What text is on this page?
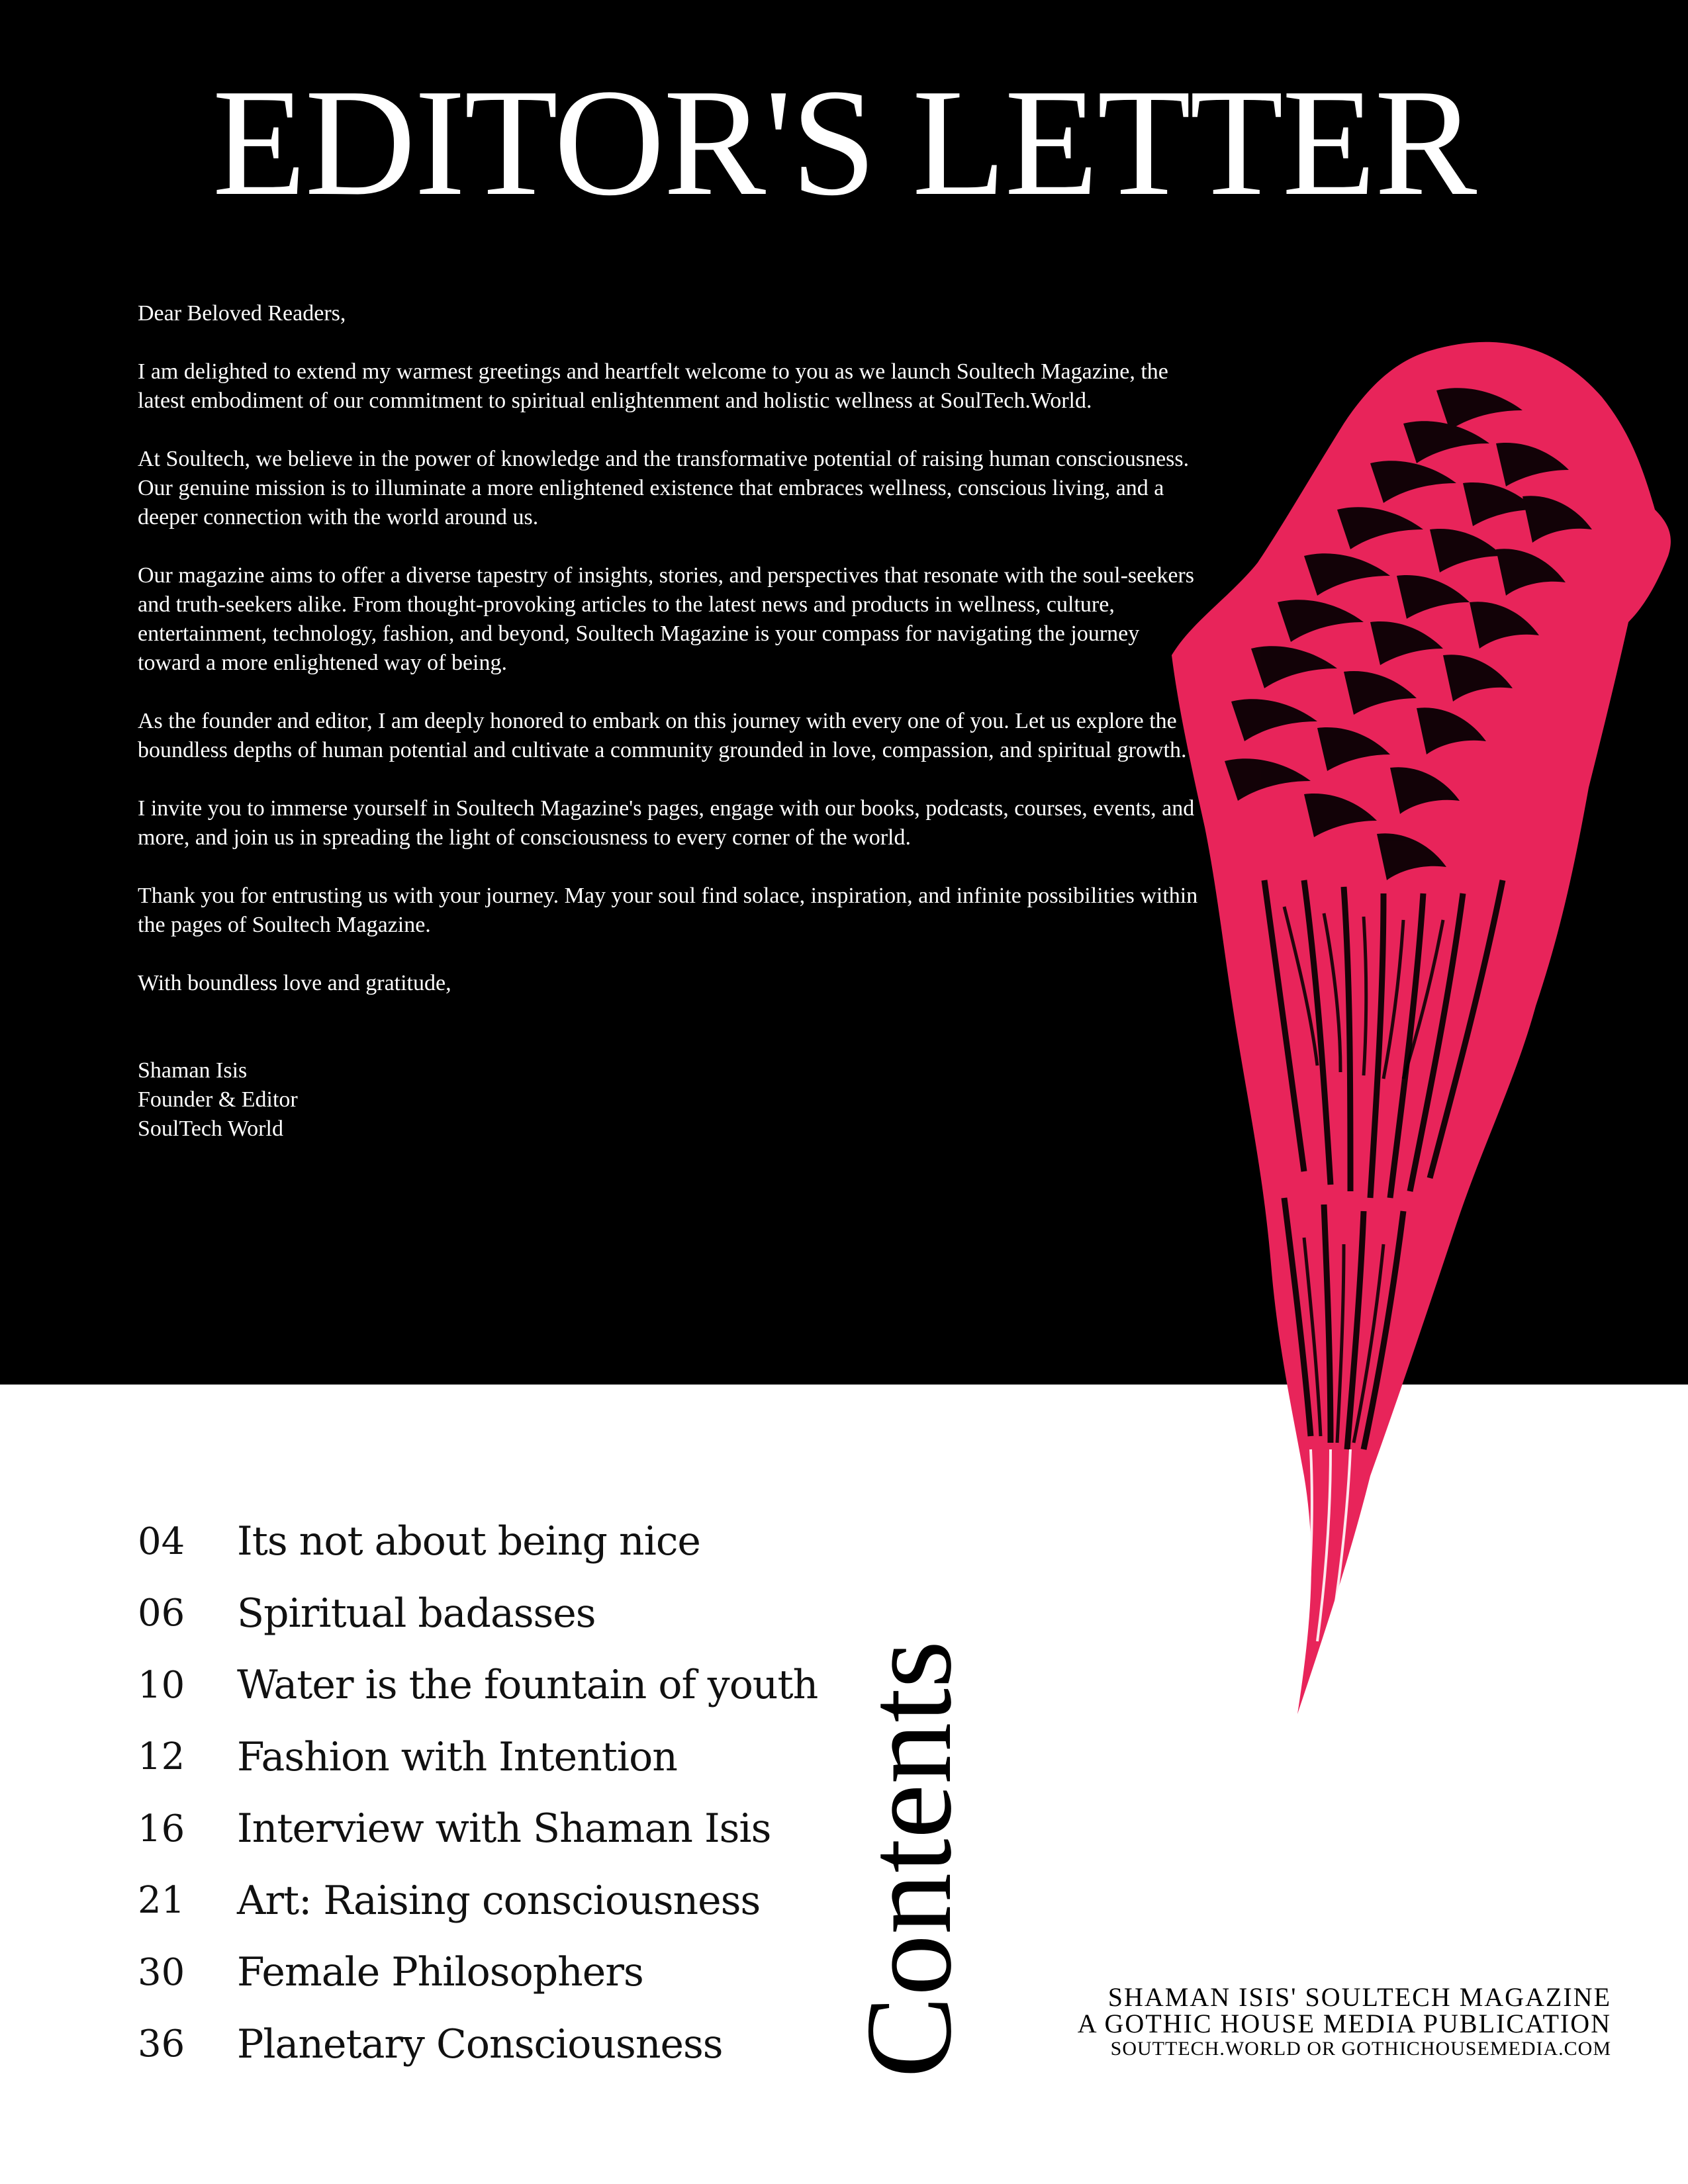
EDITOR'S LETTER

Dear Beloved Readers,

I am delighted to extend my warmest greetings and heartfelt welcome to you as we launch Soultech Magazine, the latest embodiment of our commitment to spiritual enlightenment and holistic wellness at SoulTech.World.

At Soultech, we believe in the power of knowledge and the transformative potential of raising human consciousness. Our genuine mission is to illuminate a more enlightened existence that embraces wellness, conscious living, and a deeper connection with the world around us.

Our magazine aims to offer a diverse tapestry of insights, stories, and perspectives that resonate with the soul-seekers and truth-seekers alike. From thought-provoking articles to the latest news and products in wellness, culture, entertainment, technology, fashion, and beyond, Soultech Magazine is your compass for navigating the journey toward a more enlightened way of being.

As the founder and editor, I am deeply honored to embark on this journey with every one of you. Let us explore the boundless depths of human potential and cultivate a community grounded in love, compassion, and spiritual growth.

I invite you to immerse yourself in Soultech Magazine's pages, engage with our books, podcasts, courses, events, and more, and join us in spreading the light of consciousness to every corner of the world.

Thank you for entrusting us with your journey. May your soul find solace, inspiration, and infinite possibilities within the pages of Soultech Magazine.

With boundless love and gratitude,

Shaman Isis
Founder & Editor
SoulTech World
04	Its not about being nice
06	Spiritual badasses
10	Water is the fountain of youth
12	Fashion with Intention
16	Interview with Shaman Isis
21	Art: Raising consciousness
30	Female Philosophers
36	Planetary Consciousness Contents	SHAMAN ISIS' SOULTECH MAGAZINE
A GOTHIC HOUSE MEDIA PUBLICATION
SOUTTECH.WORLD OR GOTHICHOUSEMEDIA.COM
